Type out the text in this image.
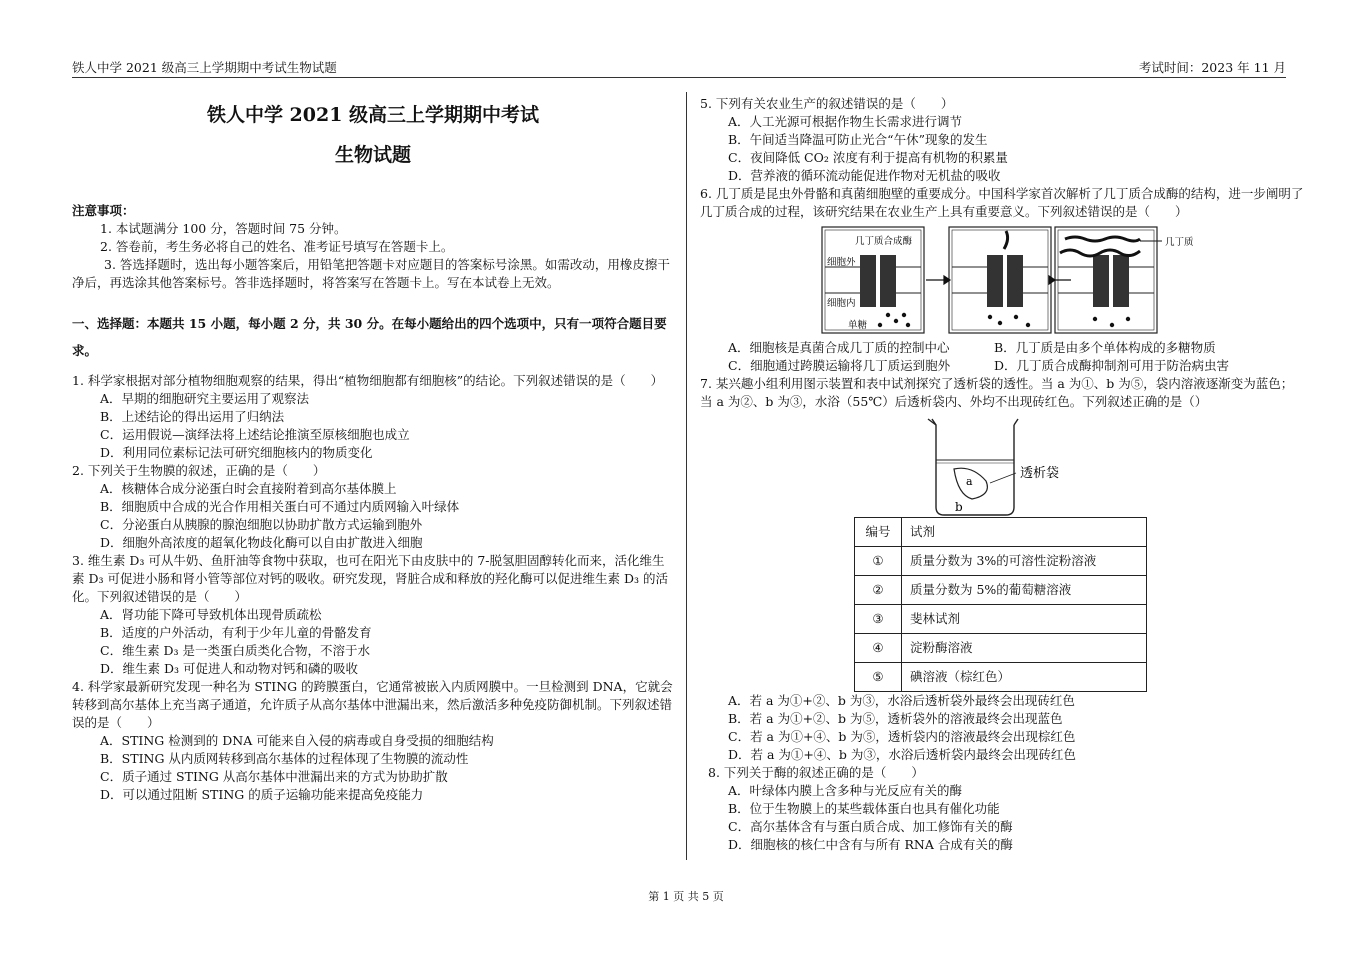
铁人中学 2021 级高三上学期期中考试生物试题	考试时间：2023 年 11 月
铁人中学 2021 级高三上学期期中考试
生物试题
注意事项：

1. 本试题满分 100 分，答题时间 75 分钟。

2. 答卷前，考生务必将自己的姓名、准考证号填写在答题卡上。

3. 答选择题时，选出每小题答案后，用铅笔把答题卡对应题目的答案标号涂黑。如需改动，用橡皮擦干净后，再选涂其他答案标号。答非选择题时，将答案写在答题卡上。写在本试卷上无效。

一、选择题：本题共 15 小题，每小题 2 分，共 30 分。在每小题给出的四个选项中，只有一项符合题目要求。

1. 科学家根据对部分植物细胞观察的结果，得出“植物细胞都有细胞核”的结论。下列叙述错误的是（　　）

A．早期的细胞研究主要运用了观察法
B．上述结论的得出运用了归纳法
C．运用假说—演绎法将上述结论推演至原核细胞也成立
D．利用同位素标记法可研究细胞核内的物质变化

2. 下列关于生物膜的叙述，正确的是（　　）

A．核糖体合成分泌蛋白时会直接附着到高尔基体膜上
B．细胞质中合成的光合作用相关蛋白可不通过内质网输入叶绿体
C．分泌蛋白从胰腺的腺泡细胞以协助扩散方式运输到胞外
D．细胞外高浓度的超氧化物歧化酶可以自由扩散进入细胞

3. 维生素 D₃ 可从牛奶、鱼肝油等食物中获取，也可在阳光下由皮肤中的 7-脱氢胆固醇转化而来，活化维生素 D₃ 可促进小肠和肾小管等部位对钙的吸收。研究发现，肾脏合成和释放的羟化酶可以促进维生素 D₃ 的活化。下列叙述错误的是（　　）

A．肾功能下降可导致机体出现骨质疏松
B．适度的户外活动，有利于少年儿童的骨骼发育
C．维生素 D₃ 是一类蛋白质类化合物，不溶于水
D．维生素 D₃ 可促进人和动物对钙和磷的吸收

4. 科学家最新研究发现一种名为 STING 的跨膜蛋白，它通常被嵌入内质网膜中。一旦检测到 DNA，它就会转移到高尔基体上充当离子通道，允许质子从高尔基体中泄漏出来，然后激活多种免疫防御机制。下列叙述错误的是（　　）

A．STING 检测到的 DNA 可能来自入侵的病毒或自身受损的细胞结构
B．STING 从内质网转移到高尔基体的过程体现了生物膜的流动性
C．质子通过 STING 从高尔基体中泄漏出来的方式为协助扩散
D．可以通过阻断 STING 的质子运输功能来提高免疫能力

5. 下列有关农业生产的叙述错误的是（　　）

A．人工光源可根据作物生长需求进行调节
B．午间适当降温可防止光合“午休”现象的发生
C．夜间降低 CO₂ 浓度有利于提高有机物的积累量
D．营养液的循环流动能促进作物对无机盐的吸收

6. 几丁质是昆虫外骨骼和真菌细胞壁的重要成分。中国科学家首次解析了几丁质合成酶的结构，进一步阐明了几丁质合成的过程，该研究结果在农业生产上具有重要意义。下列叙述错误的是（　　）

几丁质合成酶
细胞外
细胞内
单糖
几丁质
A．细胞核是真菌合成几丁质的控制中心	B．几丁质是由多个单体构成的多糖物质
C．细胞通过跨膜运输将几丁质运到胞外	D．几丁质合成酶抑制剂可用于防治病虫害

7. 某兴趣小组利用图示装置和表中试剂探究了透析袋的透性。当 a 为①、b 为⑤，袋内溶液逐渐变为蓝色；当 a 为②、b 为③，水浴（55℃）后透析袋内、外均不出现砖红色。下列叙述正确的是（）

a
b
透析袋
编号	试剂
①	质量分数为 3%的可溶性淀粉溶液
②	质量分数为 5%的葡萄糖溶液
③	斐林试剂
④	淀粉酶溶液
⑤	碘溶液（棕红色）
A．若 a 为①+②、b 为③，水浴后透析袋外最终会出现砖红色
B．若 a 为①+②、b 为⑤，透析袋外的溶液最终会出现蓝色
C．若 a 为①+④、b 为⑤，透析袋内的溶液最终会出现棕红色
D．若 a 为①+④、b 为③，水浴后透析袋内最终会出现砖红色

8. 下列关于酶的叙述正确的是（　　）

A．叶绿体内膜上含多种与光反应有关的酶
B．位于生物膜上的某些载体蛋白也具有催化功能
C．高尔基体含有与蛋白质合成、加工修饰有关的酶
D．细胞核的核仁中含有与所有 RNA 合成有关的酶
第 1 页 共 5 页
